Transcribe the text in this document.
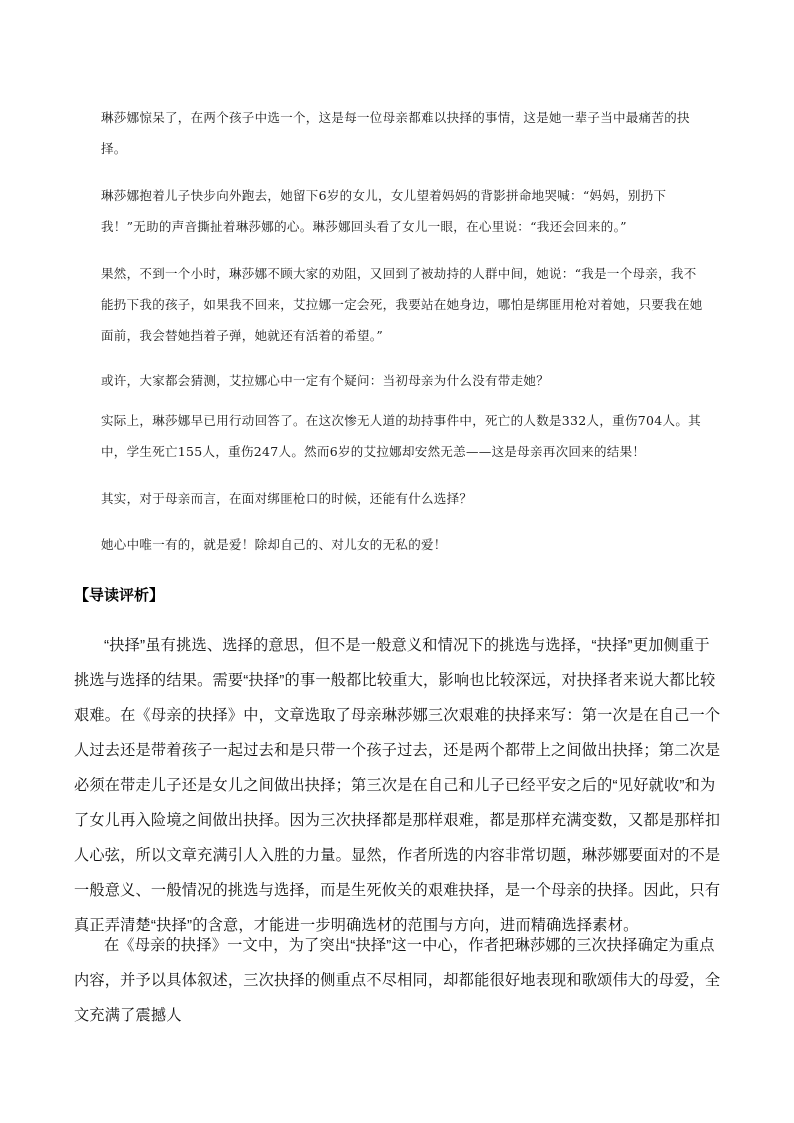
琳莎娜惊呆了，在两个孩子中选一个，这是每一位母亲都难以抉择的事情，这是她一辈子当中最痛苦的抉择。

琳莎娜抱着儿子快步向外跑去，她留下6岁的女儿，女儿望着妈妈的背影拼命地哭喊：“妈妈，别扔下我！”无助的声音撕扯着琳莎娜的心。琳莎娜回头看了女儿一眼，在心里说：“我还会回来的。”

果然，不到一个小时，琳莎娜不顾大家的劝阻，又回到了被劫持的人群中间，她说：“我是一个母亲，我不能扔下我的孩子，如果我不回来，艾拉娜一定会死，我要站在她身边，哪怕是绑匪用枪对着她，只要我在她面前，我会替她挡着子弹，她就还有活着的希望。”

或许，大家都会猜测，艾拉娜心中一定有个疑问：当初母亲为什么没有带走她？

实际上，琳莎娜早已用行动回答了。在这次惨无人道的劫持事件中，死亡的人数是332人，重伤704人。其中，学生死亡155人，重伤247人。然而6岁的艾拉娜却安然无恙——这是母亲再次回来的结果！

其实，对于母亲而言，在面对绑匪枪口的时候，还能有什么选择？

她心中唯一有的，就是爱！除却自己的、对儿女的无私的爱！

【导读评析】

“抉择”虽有挑选、选择的意思，但不是一般意义和情况下的挑选与选择，“抉择”更加侧重于挑选与选择的结果。需要“抉择”的事一般都比较重大，影响也比较深远，对抉择者来说大都比较艰难。在《母亲的抉择》中，文章选取了母亲琳莎娜三次艰难的抉择来写：第一次是在自己一个人过去还是带着孩子一起过去和是只带一个孩子过去，还是两个都带上之间做出抉择；第二次是必须在带走儿子还是女儿之间做出抉择；第三次是在自己和儿子已经平安之后的“见好就收”和为了女儿再入险境之间做出抉择。因为三次抉择都是那样艰难，都是那样充满变数，又都是那样扣人心弦，所以文章充满引人入胜的力量。显然，作者所选的内容非常切题，琳莎娜要面对的不是一般意义、一般情况的挑选与选择，而是生死攸关的艰难抉择，是一个母亲的抉择。因此，只有真正弄清楚“抉择”的含意，才能进一步明确选材的范围与方向，进而精确选择素材。

在《母亲的抉择》一文中，为了突出“抉择”这一中心，作者把琳莎娜的三次抉择确定为重点内容，并予以具体叙述，三次抉择的侧重点不尽相同，却都能很好地表现和歌颂伟大的母爱，全文充满了震撼人
